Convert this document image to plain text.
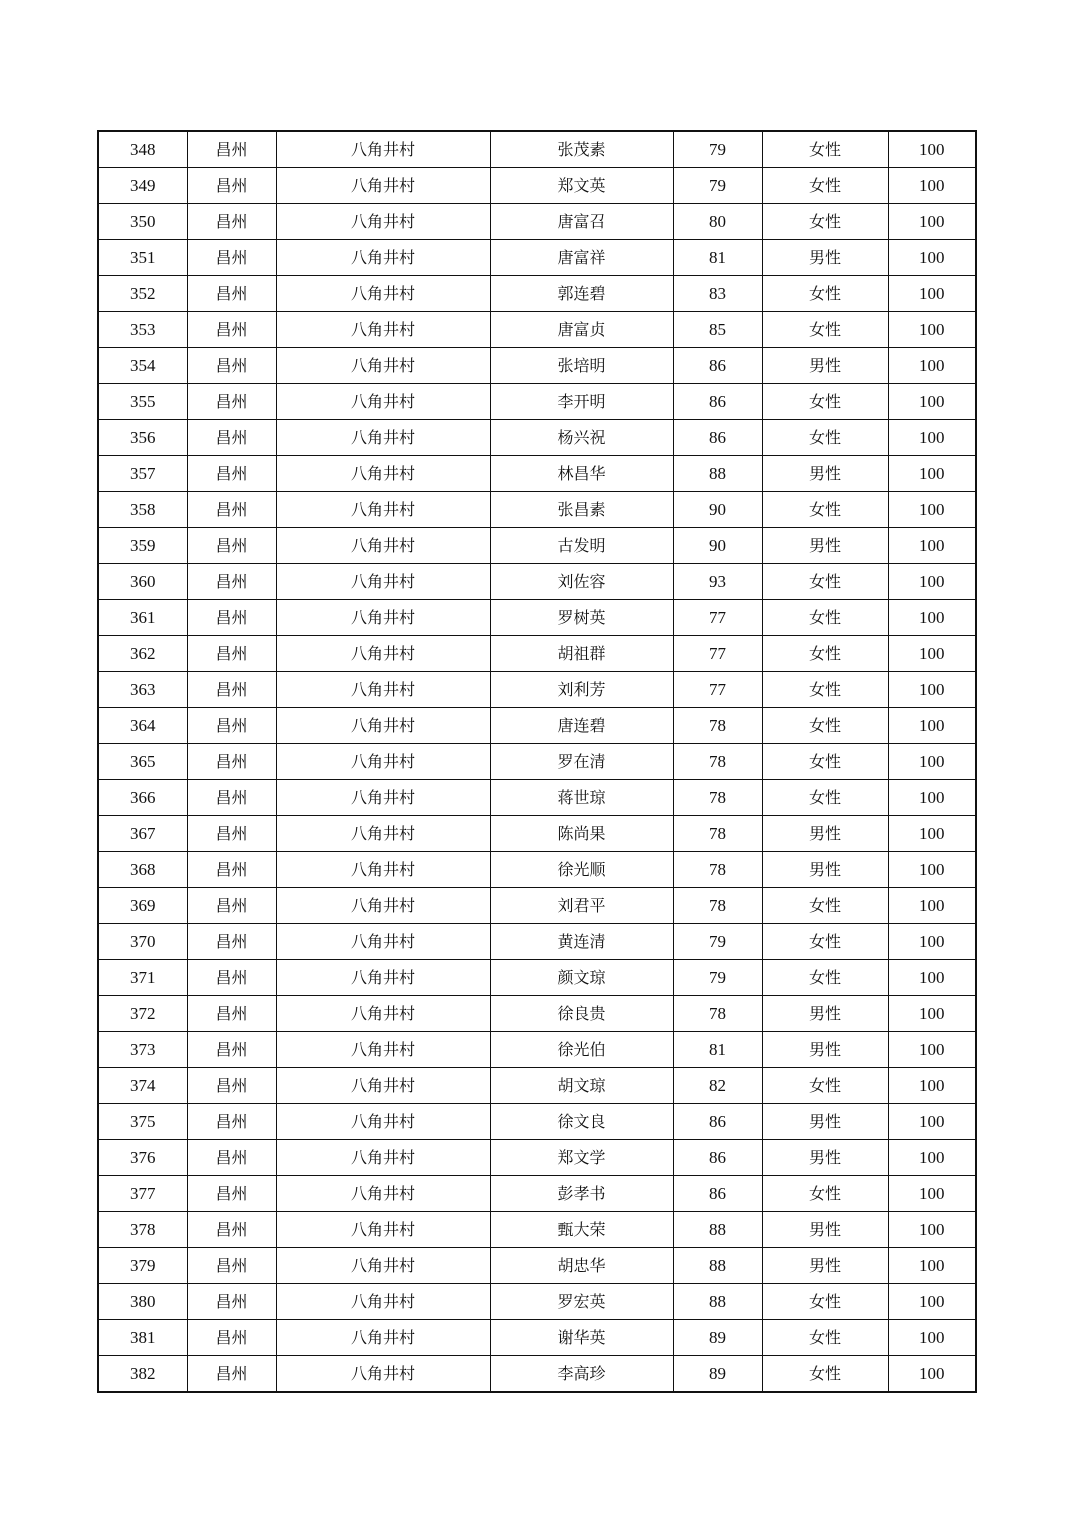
348	昌州	八角井村	张茂素	79	女性	100
349	昌州	八角井村	郑文英	79	女性	100
350	昌州	八角井村	唐富召	80	女性	100
351	昌州	八角井村	唐富祥	81	男性	100
352	昌州	八角井村	郭连碧	83	女性	100
353	昌州	八角井村	唐富贞	85	女性	100
354	昌州	八角井村	张培明	86	男性	100
355	昌州	八角井村	李开明	86	女性	100
356	昌州	八角井村	杨兴祝	86	女性	100
357	昌州	八角井村	林昌华	88	男性	100
358	昌州	八角井村	张昌素	90	女性	100
359	昌州	八角井村	古发明	90	男性	100
360	昌州	八角井村	刘佐容	93	女性	100
361	昌州	八角井村	罗树英	77	女性	100
362	昌州	八角井村	胡祖群	77	女性	100
363	昌州	八角井村	刘利芳	77	女性	100
364	昌州	八角井村	唐连碧	78	女性	100
365	昌州	八角井村	罗在清	78	女性	100
366	昌州	八角井村	蒋世琼	78	女性	100
367	昌州	八角井村	陈尚果	78	男性	100
368	昌州	八角井村	徐光顺	78	男性	100
369	昌州	八角井村	刘君平	78	女性	100
370	昌州	八角井村	黄连清	79	女性	100
371	昌州	八角井村	颜文琼	79	女性	100
372	昌州	八角井村	徐良贵	78	男性	100
373	昌州	八角井村	徐光伯	81	男性	100
374	昌州	八角井村	胡文琼	82	女性	100
375	昌州	八角井村	徐文良	86	男性	100
376	昌州	八角井村	郑文学	86	男性	100
377	昌州	八角井村	彭孝书	86	女性	100
378	昌州	八角井村	甄大荣	88	男性	100
379	昌州	八角井村	胡忠华	88	男性	100
380	昌州	八角井村	罗宏英	88	女性	100
381	昌州	八角井村	谢华英	89	女性	100
382	昌州	八角井村	李高珍	89	女性	100
